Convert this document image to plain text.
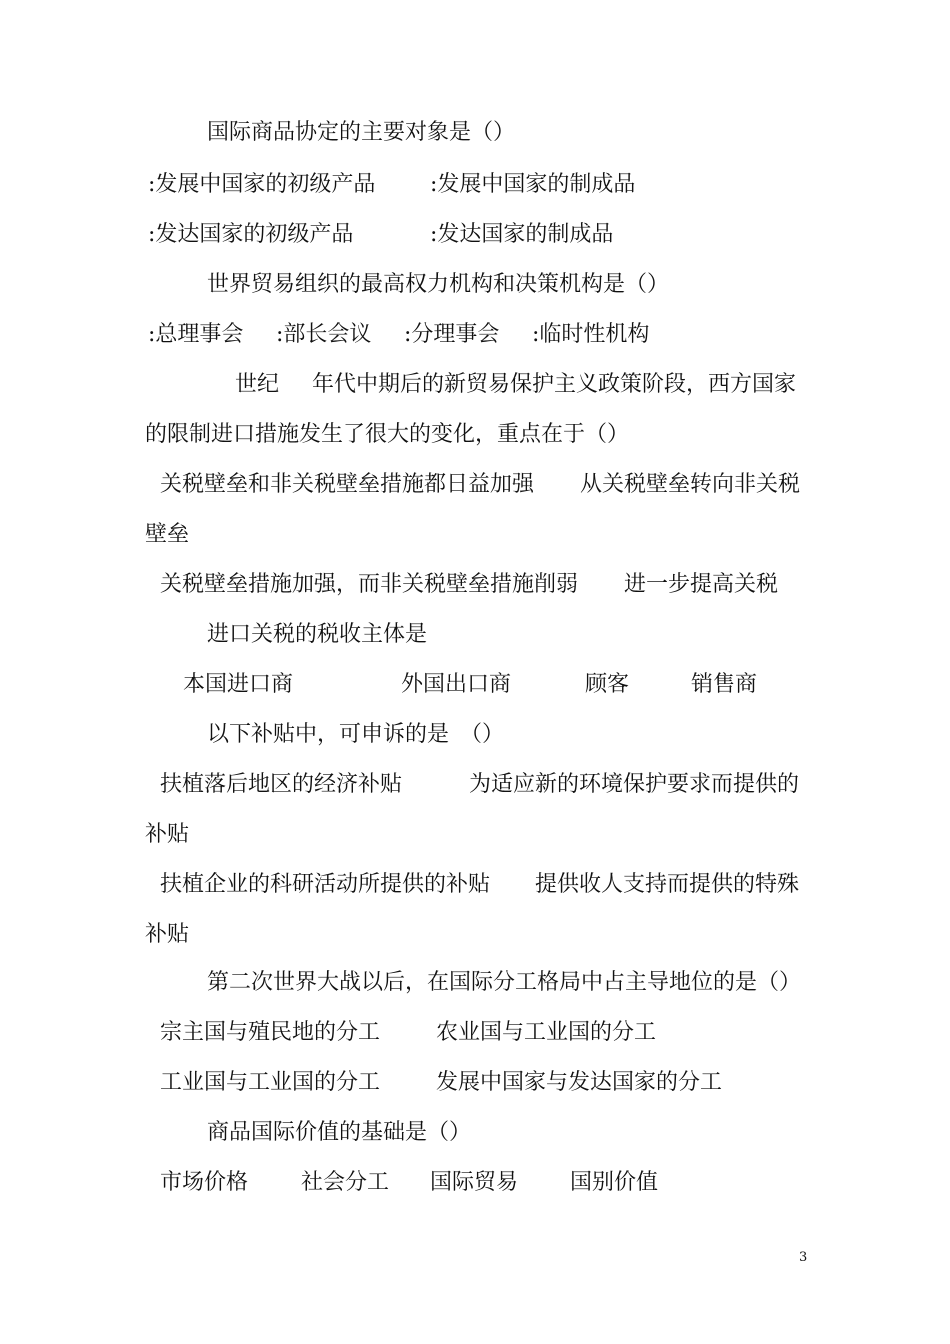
国际商品协定的主要对象是（）
:发展中国家的初级产品 :发展中国家的制成品
:发达国家的初级产品	:发达国家的制成品
世界贸易组织的最高权力机构和决策机构是（）
:总理事会 :部长会议 :分理事会 :临时性机构
世纪 年代中期后的新贸易保护主义政策阶段，西方国家
的限制进口措施发生了很大的变化，重点在于（）
关税壁垒和非关税壁垒措施都日益加强 从关税壁垒转向非关税
壁垒
关税壁垒措施加强，而非关税壁垒措施削弱 进一步提高关税
进口关税的税收主体是
本国进口商	外国出口商	顾客	销售商
以下补贴中，可申诉的是　（）
扶植落后地区的经济补贴	为适应新的环境保护要求而提供的
补贴
扶植企业的科研活动所提供的补贴 提供收人支持而提供的特殊
补贴
第二次世界大战以后，在国际分工格局中占主导地位的是（）
宗主国与殖民地的分工	农业国与工业国的分工
工业国与工业国的分工	发展中国家与发达国家的分工
商品国际价值的基础是（）
市场价格 社会分工 国际贸易 国别价值
3
